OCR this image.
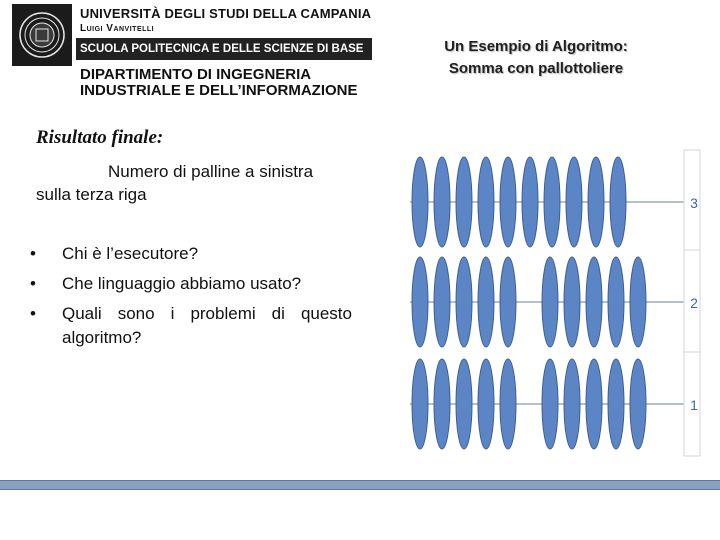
UNIVERSITÀ DEGLI STUDI DELLA CAMPANIA
Luigi Vanvitelli
SCUOLA POLITECNICA E DELLE SCIENZE DI BASE
DIPARTIMENTO DI INGEGNERIA
INDUSTRIALE E DELL’INFORMAZIONE
Un Esempio di Algoritmo:
Somma con pallottoliere
Risultato finale:
Numero di palline a sinistra
sulla terza riga
• Chi è l’esecutore?
• Che linguaggio abbiamo usato?
• Quali sono i problemi di questo algoritmo?
3
2
1
